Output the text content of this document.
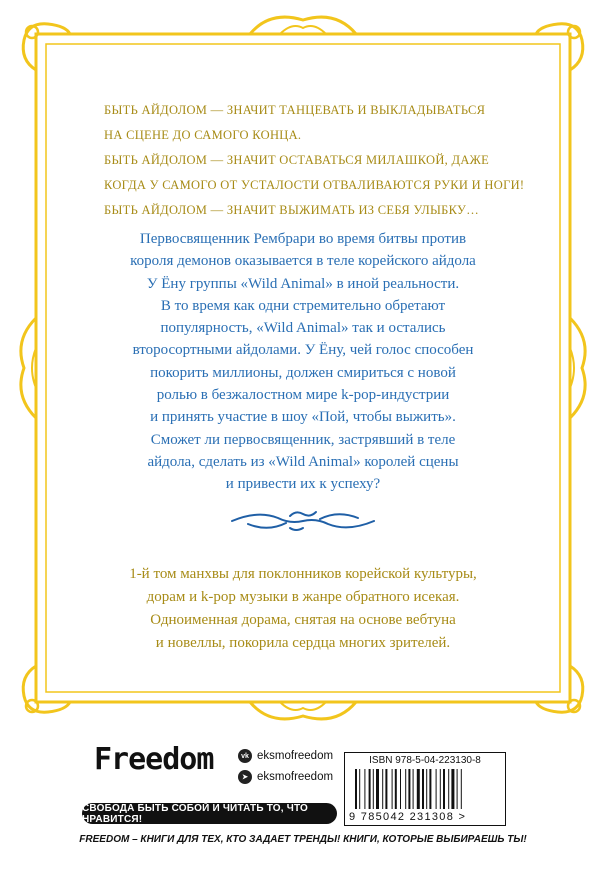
БЫТЬ АЙДОЛОМ — ЗНАЧИТ ТАНЦЕВАТЬ И ВЫКЛАДЫВАТЬСЯ
НА СЦЕНЕ ДО САМОГО КОНЦА.
БЫТЬ АЙДОЛОМ — ЗНАЧИТ ОСТАВАТЬСЯ МИЛАШКОЙ, ДАЖЕ
КОГДА У САМОГО ОТ УСТАЛОСТИ ОТВАЛИВАЮТСЯ РУКИ И НОГИ!
БЫТЬ АЙДОЛОМ — ЗНАЧИТ ВЫЖИМАТЬ ИЗ СЕБЯ УЛЫБКУ…
Первосвященник Рембрари во время битвы против
короля демонов оказывается в теле корейского айдола
У Ёну группы «Wild Animal» в иной реальности.
В то время как одни стремительно обретают
популярность, «Wild Animal» так и остались
второсортными айдолами. У Ёну, чей голос способен
покорить миллионы, должен смириться с новой
ролью в безжалостном мире k-pop-индустрии
и принять участие в шоу «Пой, чтобы выжить».
Сможет ли первосвященник, застрявший в теле
айдола, сделать из «Wild Animal» королей сцены
и привести их к успеху?
1-й том манхвы для поклонников корейской культуры,
дорам и k-pop музыки в жанре обратного исекая.
Одноименная дорама, снятая на основе вебтуна
и новеллы, покорила сердца многих зрителей.
Freedom	vk eksmofreedom
➤ eksmofreedom
СВОБОДА БЫТЬ СОБОЙ И ЧИТАТЬ ТО, ЧТО НРАВИТСЯ!
ISBN 978-5-04-223130-8
9 785042 231308 >
FREEDOM – КНИГИ ДЛЯ ТЕХ, КТО ЗАДАЕТ ТРЕНДЫ! КНИГИ, КОТОРЫЕ ВЫБИРАЕШЬ ТЫ!
